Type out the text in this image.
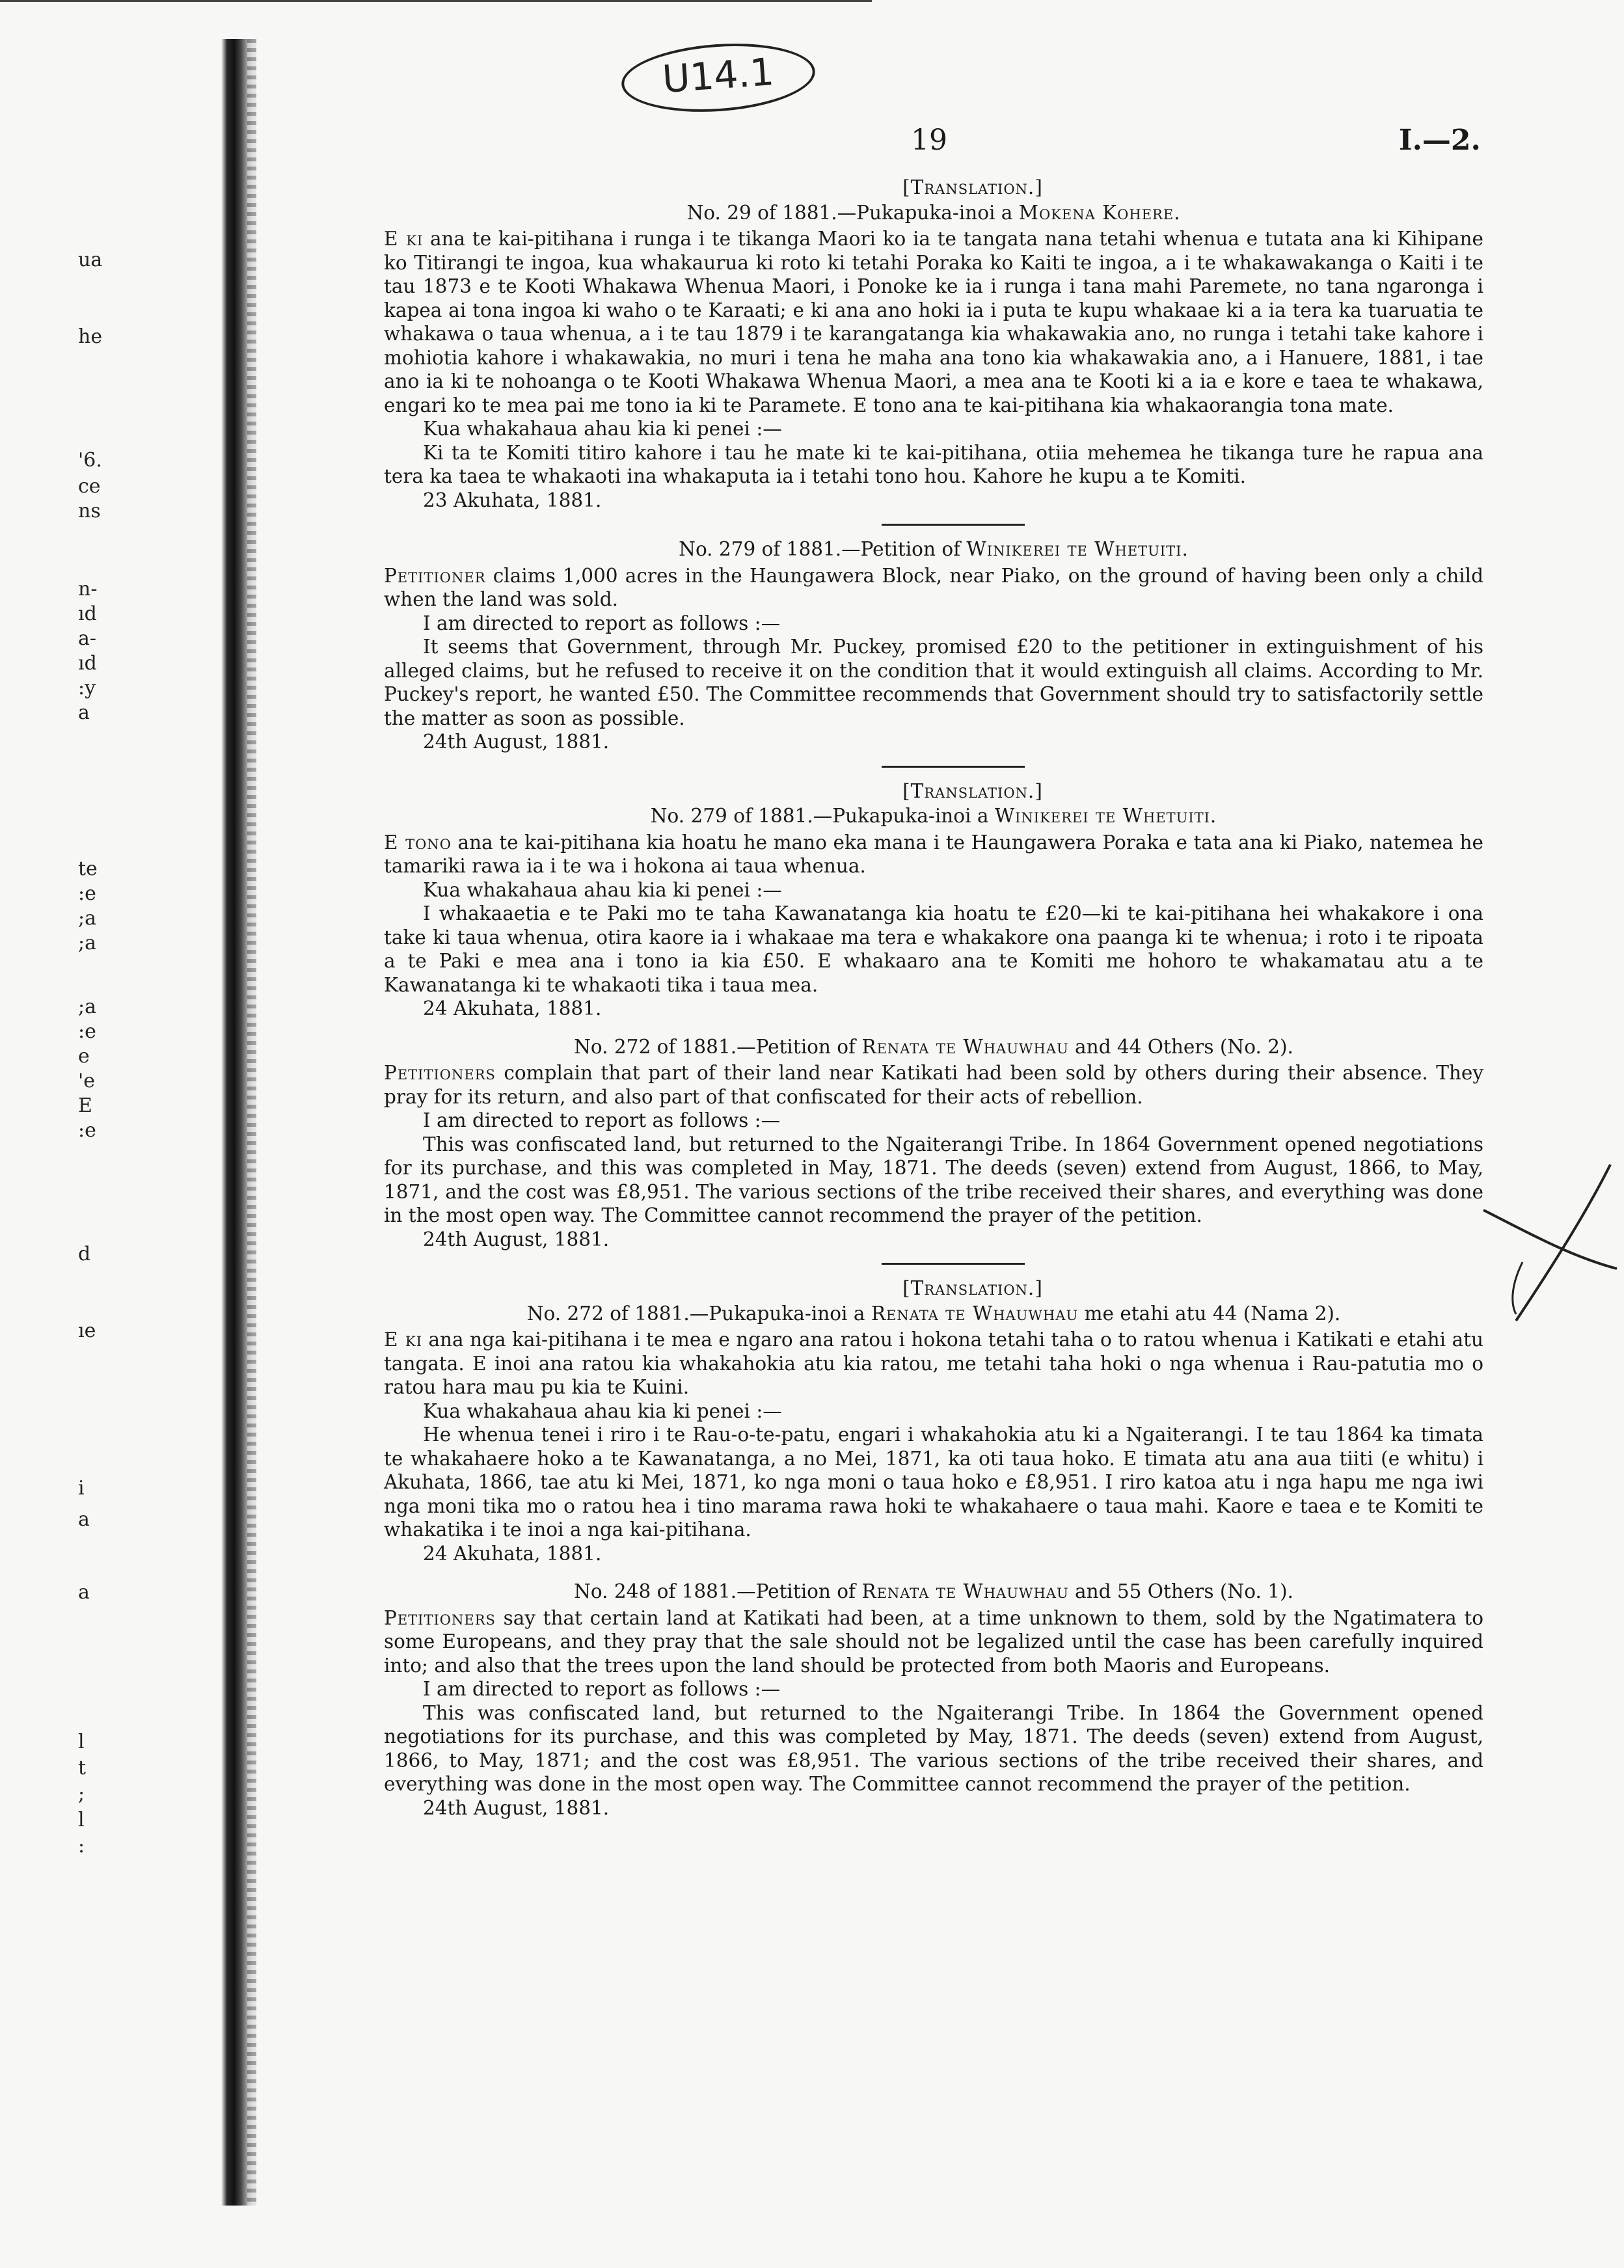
ua
he
'6.
ce
ns
n-
ıd
a-
ıd
:y
a
te
:e
;a
;a
;a
:e
e
'e
E
:e
d
ıe
i
a
a
l
t
;
l
:
U14.1
19	I.—2.
[Translation.]
No. 29 of 1881.—Pukapuka-inoi a Mokena Kohere.

E ki ana te kai-pitihana i runga i te tikanga Maori ko ia te tangata nana tetahi whenua e tutata ana ki Kihipane ko Titirangi te ingoa, kua whakaurua ki roto ki tetahi Poraka ko Kaiti te ingoa, a i te whakawakanga o Kaiti i te tau 1873 e te Kooti Whakawa Whenua Maori, i Ponoke ke ia i runga i tana mahi Paremete, no tana ngaronga i kapea ai tona ingoa ki waho o te Karaati; e ki ana ano hoki ia i puta te kupu whakaae ki a ia tera ka tuaruatia te whakawa o taua whenua, a i te tau 1879 i te karangatanga kia whakawakia ano, no runga i tetahi take kahore i mohiotia kahore i whakawakia, no muri i tena he maha ana tono kia whakawakia ano, a i Hanuere, 1881, i tae ano ia ki te nohoanga o te Kooti Whakawa Whenua Maori, a mea ana te Kooti ki a ia e kore e taea te whakawa, engari ko te mea pai me tono ia ki te Paramete. E tono ana te kai-pitihana kia whakaorangia tona mate.

Kua whakahaua ahau kia ki penei :—

Ki ta te Komiti titiro kahore i tau he mate ki te kai-pitihana, otiia mehemea he tikanga ture he rapua ana tera ka taea te whakaoti ina whakaputa ia i tetahi tono hou. Kahore he kupu a te Komiti.

23 Akuhata, 1881.

No. 279 of 1881.—Petition of Winikerei te Whetuiti.

Petitioner claims 1,000 acres in the Haungawera Block, near Piako, on the ground of having been only a child when the land was sold.

I am directed to report as follows :—

It seems that Government, through Mr. Puckey, promised £20 to the petitioner in extinguishment of his alleged claims, but he refused to receive it on the condition that it would extinguish all claims. According to Mr. Puckey's report, he wanted £50. The Committee recommends that Government should try to satisfactorily settle the matter as soon as possible.

24th August, 1881.

[Translation.]
No. 279 of 1881.—Pukapuka-inoi a Winikerei te Whetuiti.

E tono ana te kai-pitihana kia hoatu he mano eka mana i te Haungawera Poraka e tata ana ki Piako, natemea he tamariki rawa ia i te wa i hokona ai taua whenua.

Kua whakahaua ahau kia ki penei :—

I whakaaetia e te Paki mo te taha Kawanatanga kia hoatu te £20—ki te kai-pitihana hei whakakore i ona take ki taua whenua, otira kaore ia i whakaae ma tera e whakakore ona paanga ki te whenua; i roto i te ripoata a te Paki e mea ana i tono ia kia £50. E whakaaro ana te Komiti me hohoro te whakamatau atu a te Kawanatanga ki te whakaoti tika i taua mea.

24 Akuhata, 1881.

No. 272 of 1881.—Petition of Renata te Whauwhau and 44 Others (No. 2).

Petitioners complain that part of their land near Katikati had been sold by others during their absence. They pray for its return, and also part of that confiscated for their acts of rebellion.

I am directed to report as follows :—

This was confiscated land, but returned to the Ngaiterangi Tribe. In 1864 Government opened negotiations for its purchase, and this was completed in May, 1871. The deeds (seven) extend from August, 1866, to May, 1871, and the cost was £8,951. The various sections of the tribe received their shares, and everything was done in the most open way. The Committee cannot recommend the prayer of the petition.

24th August, 1881.

[Translation.]
No. 272 of 1881.—Pukapuka-inoi a Renata te Whauwhau me etahi atu 44 (Nama 2).

E ki ana nga kai-pitihana i te mea e ngaro ana ratou i hokona tetahi taha o to ratou whenua i Katikati e etahi atu tangata. E inoi ana ratou kia whakahokia atu kia ratou, me tetahi taha hoki o nga whenua i Rau-patutia mo o ratou hara mau pu kia te Kuini.

Kua whakahaua ahau kia ki penei :—

He whenua tenei i riro i te Rau-o-te-patu, engari i whakahokia atu ki a Ngaiterangi. I te tau 1864 ka timata te whakahaere hoko a te Kawanatanga, a no Mei, 1871, ka oti taua hoko. E timata atu ana aua tiiti (e whitu) i Akuhata, 1866, tae atu ki Mei, 1871, ko nga moni o taua hoko e £8,951. I riro katoa atu i nga hapu me nga iwi nga moni tika mo o ratou hea i tino marama rawa hoki te whakahaere o taua mahi. Kaore e taea e te Komiti te whakatika i te inoi a nga kai-pitihana.

24 Akuhata, 1881.

No. 248 of 1881.—Petition of Renata te Whauwhau and 55 Others (No. 1).

Petitioners say that certain land at Katikati had been, at a time unknown to them, sold by the Ngatimatera to some Europeans, and they pray that the sale should not be legalized until the case has been carefully inquired into; and also that the trees upon the land should be protected from both Maoris and Europeans.

I am directed to report as follows :—

This was confiscated land, but returned to the Ngaiterangi Tribe. In 1864 the Government opened negotiations for its purchase, and this was completed by May, 1871. The deeds (seven) extend from August, 1866, to May, 1871; and the cost was £8,951. The various sections of the tribe received their shares, and everything was done in the most open way. The Committee cannot recommend the prayer of the petition.

24th August, 1881.
